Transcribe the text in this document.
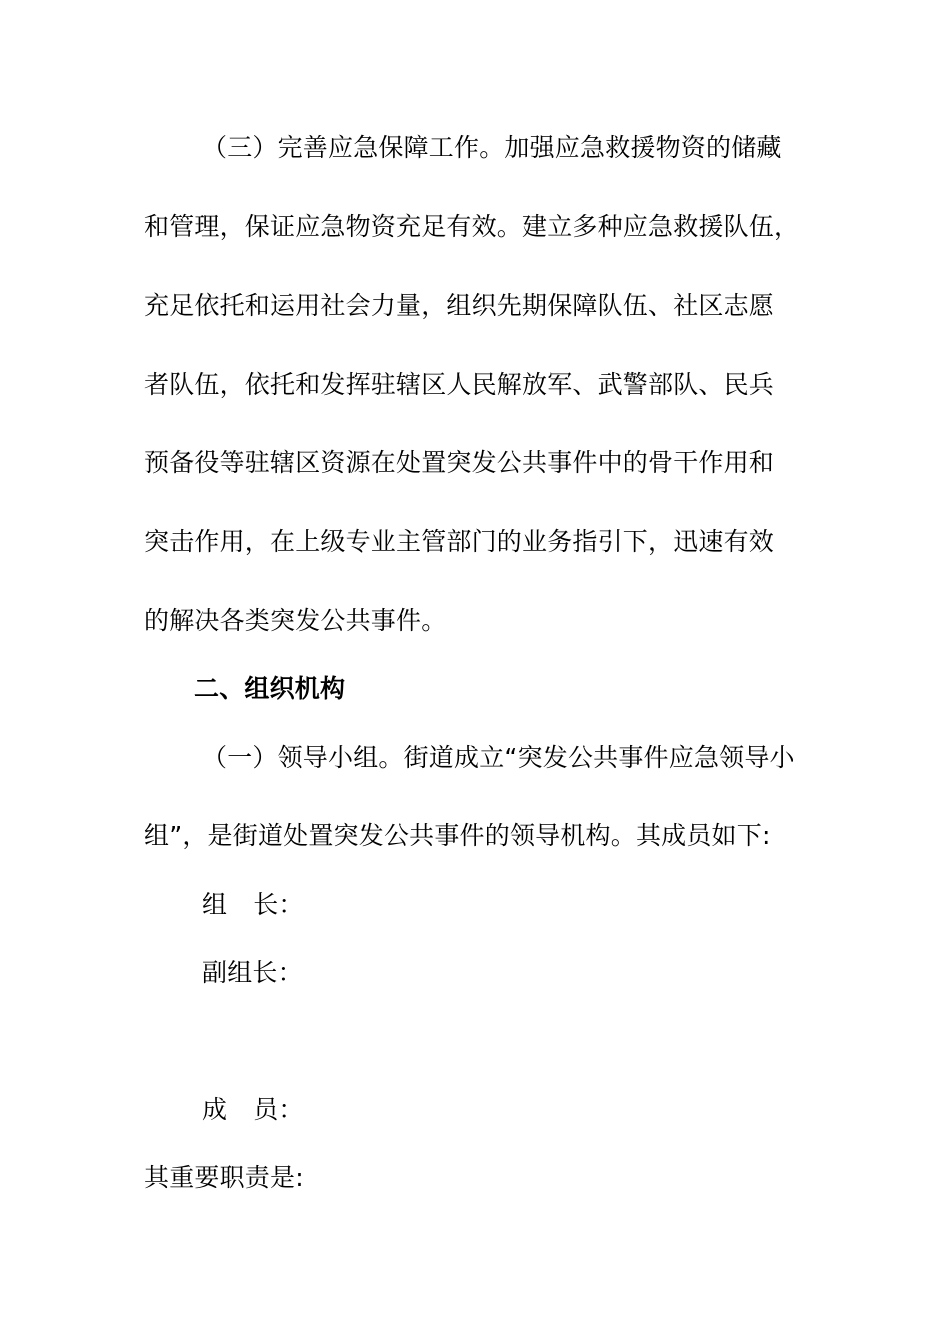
（三）完善应急保障工作。加强应急救援物资的储藏
和管理，保证应急物资充足有效。建立多种应急救援队伍，
充足依托和运用社会力量，组织先期保障队伍、社区志愿
者队伍，依托和发挥驻辖区人民解放军、武警部队、民兵
预备役等驻辖区资源在处置突发公共事件中的骨干作用和
突击作用，在上级专业主管部门的业务指引下，迅速有效
的解决各类突发公共事件。
二、组织机构
（一）领导小组。街道成立“突发公共事件应急领导小
组”，是街道处置突发公共事件的领导机构。其成员如下:
组 长：
副组长：
成 员：
其重要职责是:
